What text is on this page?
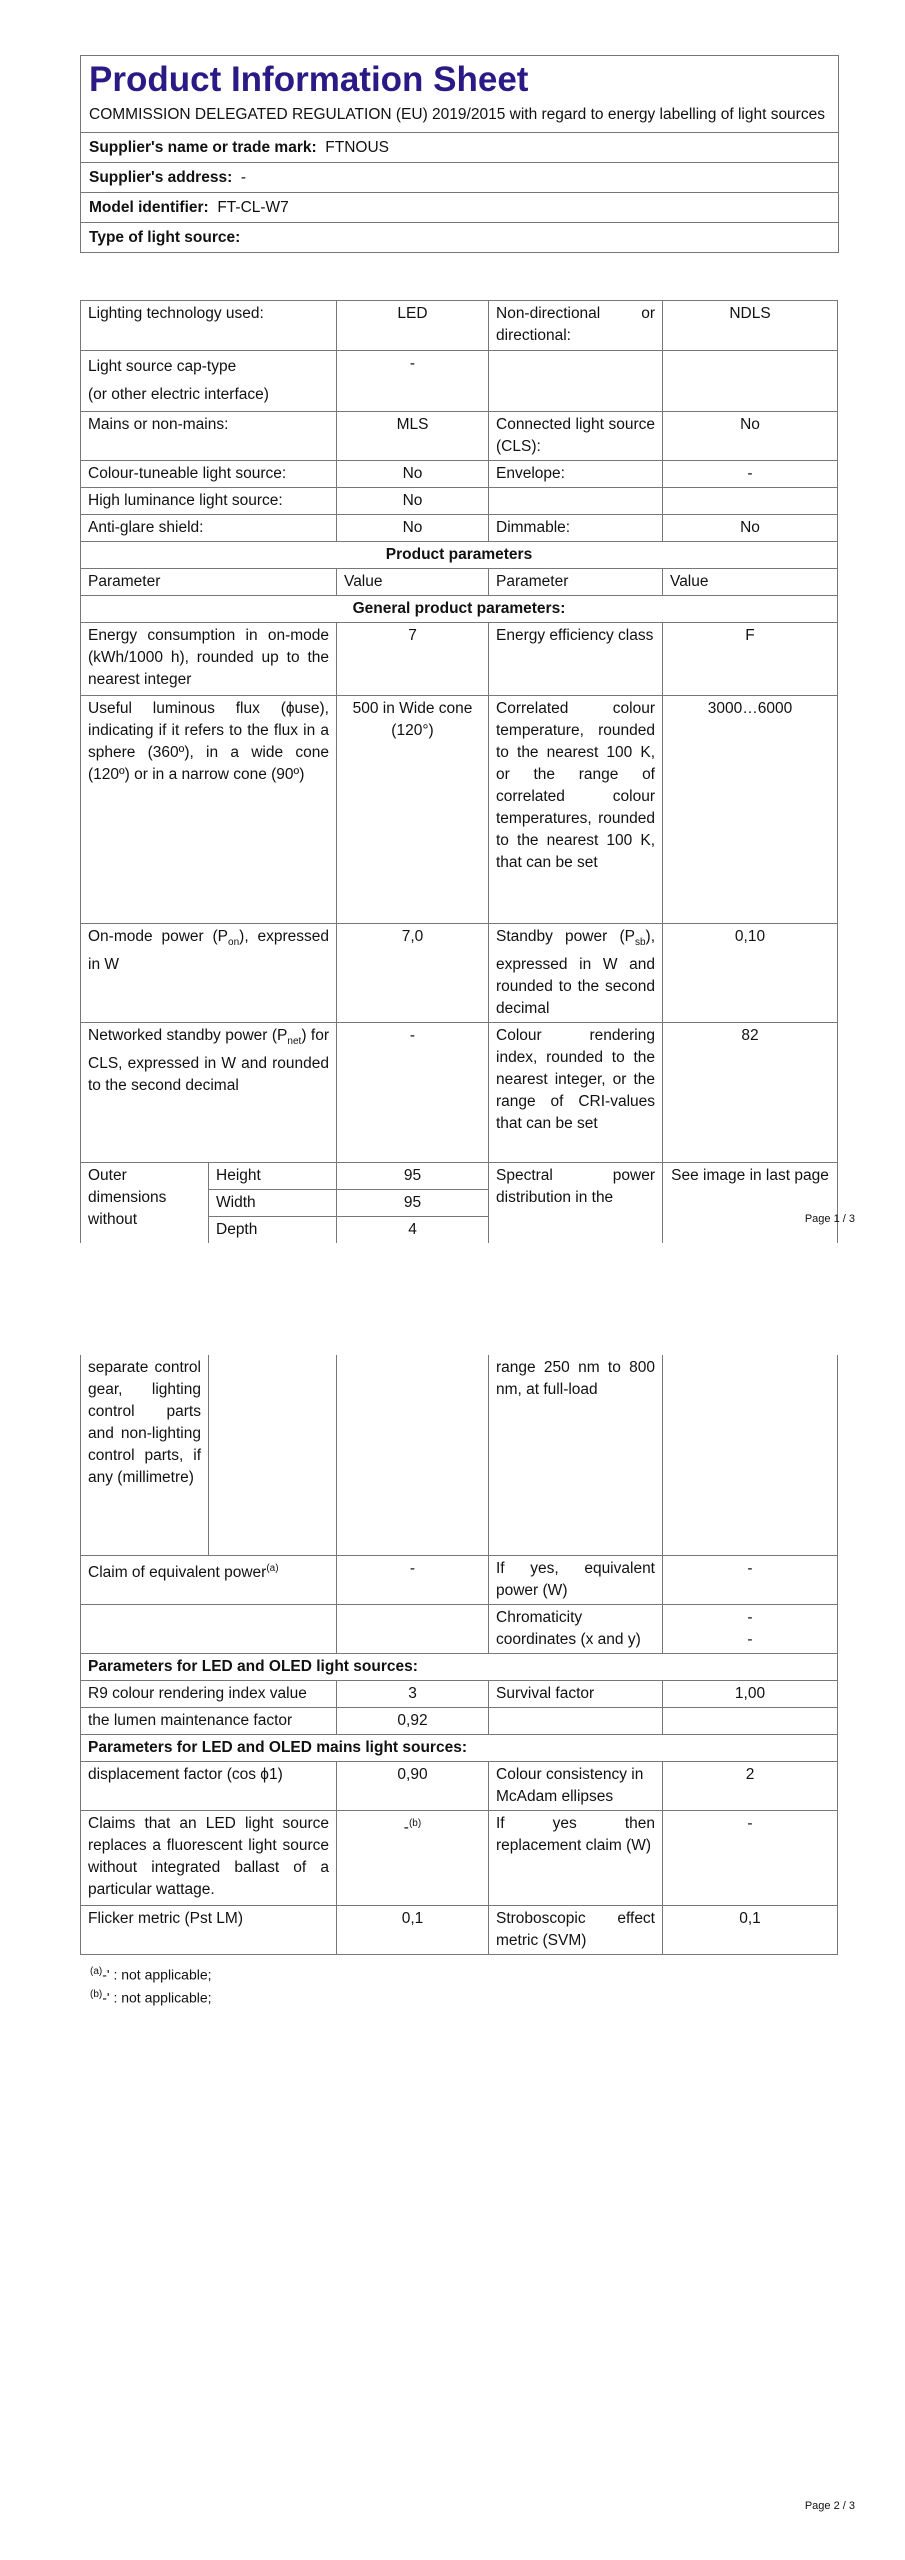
Product Information Sheet
COMMISSION DELEGATED REGULATION (EU) 2019/2015 with regard to energy labelling of light sources
Supplier's name or trade mark: FTNOUS
Supplier's address: -
Model identifier: FT-CL-W7
Type of light source:
Lighting technology used:		LED	Non-directional or directional:	NDLS

Light source cap-type
(or other electric interface)		-		
Mains or non-mains:		MLS	Connected light source (CLS):	No
Colour-tuneable light source:		No	Envelope:	-
High luminance light source:		No		
Anti-glare shield:		No	Dimmable:	No
Product parameters				
Parameter		Value	Parameter	Value
General product parameters:				
Energy consumption in on-mode (kWh/1000 h), rounded up to the nearest integer		7	Energy efficiency class	F
Useful luminous flux (ϕuse), indicating if it refers to the flux in a sphere (360º), in a wide cone (120º) or in a narrow cone (90º)		500 in Wide cone (120°)	Correlated colour temperature, rounded to the nearest 100 K, or the range of correlated colour temperatures, rounded to the nearest 100 K, that can be set	3000…6000
On-mode power $(P_{on})$, expressed in W		7,0	Standby power $(P_{sb})$, expressed in W and rounded to the second decimal	0,10
Networked standby power $(P_{net})$ for CLS, expressed in W and rounded to the second decimal		-	Colour rendering index, rounded to the nearest integer, or the range of CRI-values that can be set	82
Outer dimensions without	Height	95	Spectral power distribution in the	See image in last page
	Width	95		
	Depth	4		
Page 1 / 3
separate control gear, lighting control parts and non-lighting control parts, if any (millimetre)			range 250 nm to 800 nm, at full-load	
Claim of equivalent power$^{(a)}$		-	If yes, equivalent power (W)	-
			Chromaticity coordinates (x and y)	-
-

Parameters for LED and OLED light sources:				
R9 colour rendering index value		3	Survival factor	1,00
the lumen maintenance factor		0,92		
Parameters for LED and OLED mains light sources:				
displacement factor (cos ϕ1)		0,90	Colour consistency in McAdam ellipses	2
Claims that an LED light source replaces a fluorescent light source without integrated ballast of a particular wattage.		-$^{(b)}$	If yes then replacement claim (W)	-
Flicker metric (Pst LM)		0,1	Stroboscopic effect metric (SVM)	0,1
$^{(a)}$-' : not applicable;
$^{(b)}$-' : not applicable;
Page 2 / 3
